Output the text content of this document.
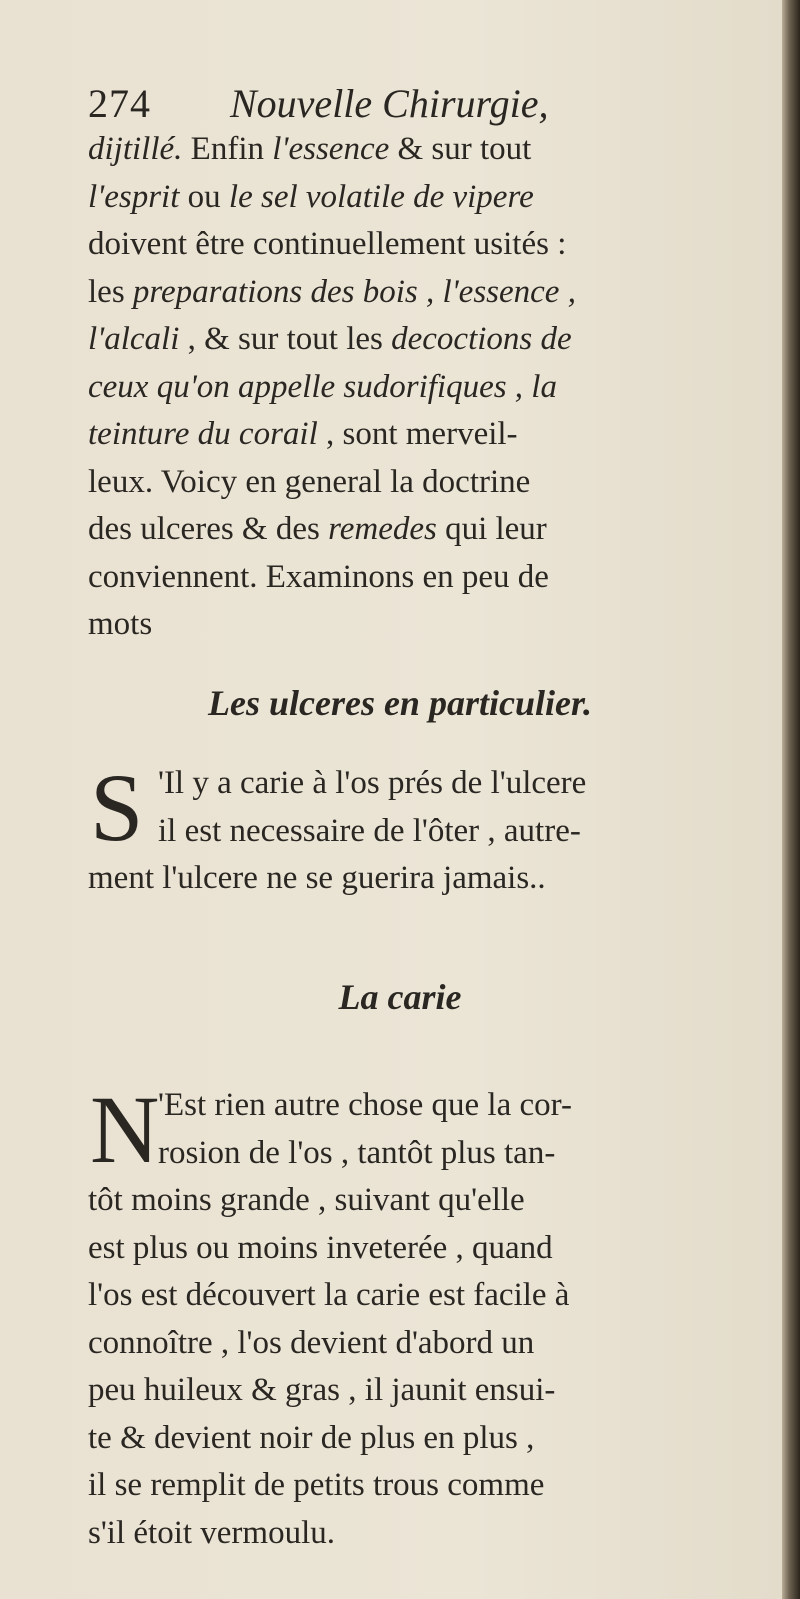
274 Nouvelle Chirurgie,
dijtillé. Enfin l'essence & sur tout
l'esprit ou le sel volatile de vipere
doivent être continuellement usités :
les preparations des bois , l'essence ,
l'alcali , & sur tout les decoctions de
ceux qu'on appelle sudorifiques , la
teinture du corail , sont merveil-
leux. Voicy en general la doctrine
des ulceres & des remedes qui leur
conviennent. Examinons en peu de
mots
Les ulceres en particulier.
S 'Il y a carie à l'os prés de l'ulcere
il est necessaire de l'ôter , autre-
ment l'ulcere ne se guerira jamais..
La carie
N
'Est rien autre chose que la cor-
rosion de l'os , tantôt plus tan-
tôt moins grande , suivant qu'elle
est plus ou moins inveterée , quand
l'os est découvert la carie est facile à
connoître , l'os devient d'abord un
peu huileux & gras , il jaunit ensui-
te & devient noir de plus en plus ,
il se remplit de petits trous comme
s'il étoit vermoulu.
